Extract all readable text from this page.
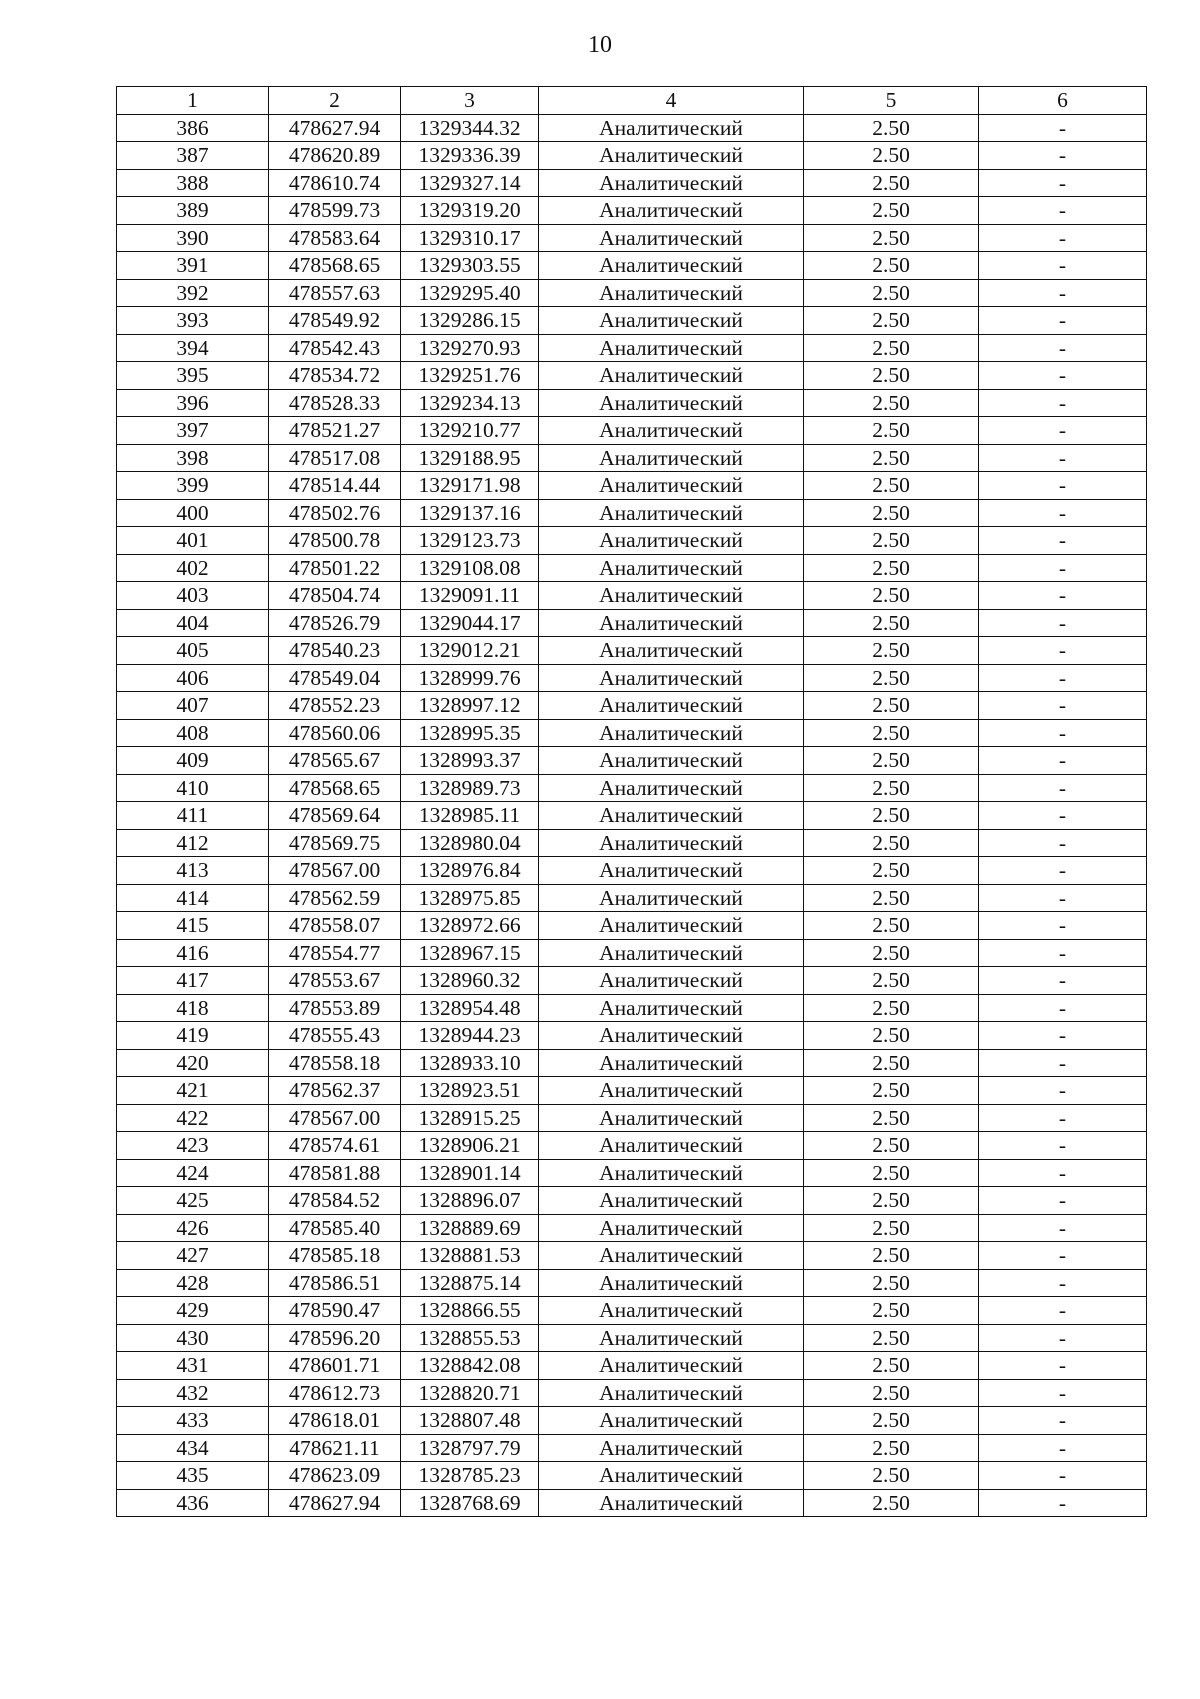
10
1	2	3	4	5	6
386	478627.94	1329344.32	Аналитический	2.50	-
387	478620.89	1329336.39	Аналитический	2.50	-
388	478610.74	1329327.14	Аналитический	2.50	-
389	478599.73	1329319.20	Аналитический	2.50	-
390	478583.64	1329310.17	Аналитический	2.50	-
391	478568.65	1329303.55	Аналитический	2.50	-
392	478557.63	1329295.40	Аналитический	2.50	-
393	478549.92	1329286.15	Аналитический	2.50	-
394	478542.43	1329270.93	Аналитический	2.50	-
395	478534.72	1329251.76	Аналитический	2.50	-
396	478528.33	1329234.13	Аналитический	2.50	-
397	478521.27	1329210.77	Аналитический	2.50	-
398	478517.08	1329188.95	Аналитический	2.50	-
399	478514.44	1329171.98	Аналитический	2.50	-
400	478502.76	1329137.16	Аналитический	2.50	-
401	478500.78	1329123.73	Аналитический	2.50	-
402	478501.22	1329108.08	Аналитический	2.50	-
403	478504.74	1329091.11	Аналитический	2.50	-
404	478526.79	1329044.17	Аналитический	2.50	-
405	478540.23	1329012.21	Аналитический	2.50	-
406	478549.04	1328999.76	Аналитический	2.50	-
407	478552.23	1328997.12	Аналитический	2.50	-
408	478560.06	1328995.35	Аналитический	2.50	-
409	478565.67	1328993.37	Аналитический	2.50	-
410	478568.65	1328989.73	Аналитический	2.50	-
411	478569.64	1328985.11	Аналитический	2.50	-
412	478569.75	1328980.04	Аналитический	2.50	-
413	478567.00	1328976.84	Аналитический	2.50	-
414	478562.59	1328975.85	Аналитический	2.50	-
415	478558.07	1328972.66	Аналитический	2.50	-
416	478554.77	1328967.15	Аналитический	2.50	-
417	478553.67	1328960.32	Аналитический	2.50	-
418	478553.89	1328954.48	Аналитический	2.50	-
419	478555.43	1328944.23	Аналитический	2.50	-
420	478558.18	1328933.10	Аналитический	2.50	-
421	478562.37	1328923.51	Аналитический	2.50	-
422	478567.00	1328915.25	Аналитический	2.50	-
423	478574.61	1328906.21	Аналитический	2.50	-
424	478581.88	1328901.14	Аналитический	2.50	-
425	478584.52	1328896.07	Аналитический	2.50	-
426	478585.40	1328889.69	Аналитический	2.50	-
427	478585.18	1328881.53	Аналитический	2.50	-
428	478586.51	1328875.14	Аналитический	2.50	-
429	478590.47	1328866.55	Аналитический	2.50	-
430	478596.20	1328855.53	Аналитический	2.50	-
431	478601.71	1328842.08	Аналитический	2.50	-
432	478612.73	1328820.71	Аналитический	2.50	-
433	478618.01	1328807.48	Аналитический	2.50	-
434	478621.11	1328797.79	Аналитический	2.50	-
435	478623.09	1328785.23	Аналитический	2.50	-
436	478627.94	1328768.69	Аналитический	2.50	-
